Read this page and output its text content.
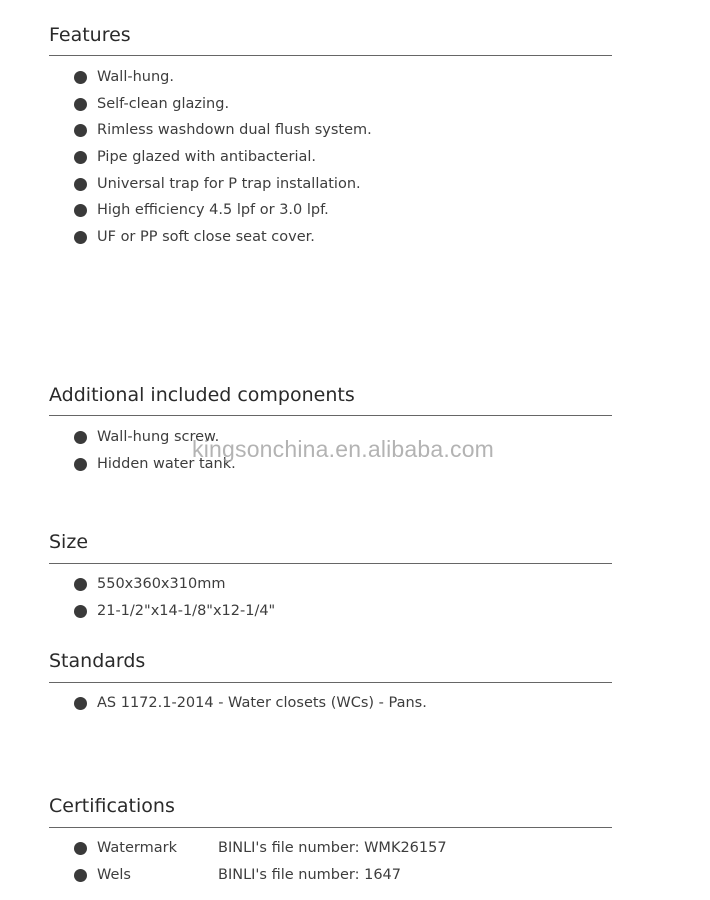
Features
Wall-hung.
Self-clean glazing.
Rimless washdown dual flush system.
Pipe glazed with antibacterial.
Universal trap for P trap installation.
High efficiency 4.5 lpf or 3.0 lpf.
UF or PP soft close seat cover.
Additional included components
Wall-hung screw.
Hidden water tank.
Size
550x360x310mm
21-1/2"x14-1/8"x12-1/4"
Standards
AS 1172.1-2014 - Water closets (WCs) - Pans.
Certifications
Watermark	BINLI's file number: WMK26157
Wels	BINLI's file number: 1647
kingsonchina.en.alibaba.com
